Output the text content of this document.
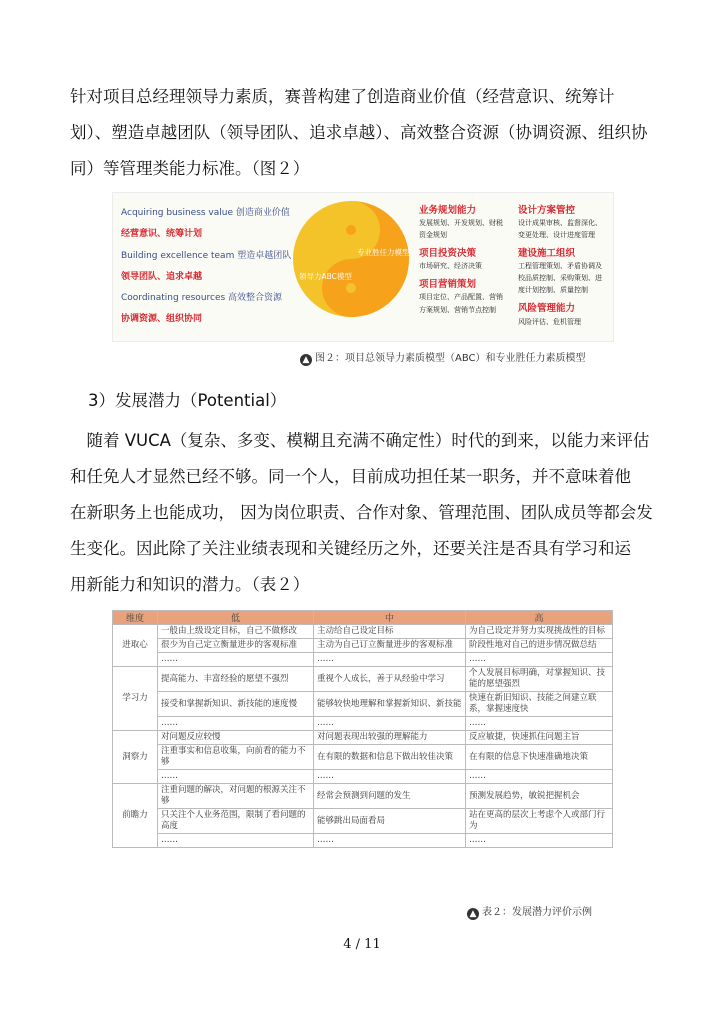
针对项目总经理领导力素质，赛普构建了创造商业价值（经营意识、统筹计
划）、塑造卓越团队（领导团队、追求卓越）、高效整合资源（协调资源、组织协
同）等管理类能力标准。（图２）
Acquiring business value 创造商业价值
经营意识、统筹计划
Building excellence team 塑造卓越团队
领导团队、追求卓越
Coordinating resources 高效整合资源
协调资源、组织协同
专业胜任力模型
领导力ABC模型
业务规划能力
发展规划、开发规划、财税
资金规划
项目投资决策
市场研究、经济决策
项目营销策划
项目定位、产品配置、营销
方案规划、营销节点控制
设计方案管控
设计成果审核、监督深化、
变更处理、设计进度管理
建设施工组织
工程管理策划、矛盾协调及
校品质控制、采购策划、进
度计划控制、质量控制
风险管理能力
风险评估、危机管理
▲ 图２：项目总领导力素质模型（ABC）和专业胜任力素质模型
3）发展潜力（Potential）
　随着 VUCA（复杂、多变、模糊且充满不确定性）时代的到来，以能力来评估
和任免人才显然已经不够。同一个人，目前成功担任某一职务，并不意味着他
在新职务上也能成功， 因为岗位职责、合作对象、管理范围、团队成员等都会发
生变化。因此除了关注业绩表现和关键经历之外，还要关注是否具有学习和运
用新能力和知识的潜力。（表２）
维度	低	中	高
进取心	一般由上级设定目标，自己不做修改	主动给自己设定目标	为自己设定并努力实现挑战性的目标
	很少为自己定立衡量进步的客观标准	主动为自己订立衡量进步的客观标准	阶段性地对自己的进步情况做总结
	……	……	……
学习力	提高能力、丰富经验的愿望不强烈	重视个人成长，善于从经验中学习	个人发展目标明确，对掌握知识、技能的愿望强烈
	接受和掌握新知识、新技能的速度慢	能够较快地理解和掌握新知识、新技能	快速在新旧知识、技能之间建立联系，掌握速度快
	……	……	……
洞察力	对问题反应较慢	对问题表现出较强的理解能力	反应敏捷，快速抓住问题主旨
	注重事实和信息收集，向前看的能力不够	在有限的数据和信息下做出较佳决策	在有限的信息下快速准确地决策
	……	……	……
前瞻力	注重问题的解决，对问题的根源关注不够	经常会预测到问题的发生	预测发展趋势，敏锐把握机会
	只关注个人业务范围，限制了看问题的高度	能够跳出局面看局	站在更高的层次上考虑个人或部门行为
	……	……	……
▲ 表２：发展潜力评价示例
4 / 11
